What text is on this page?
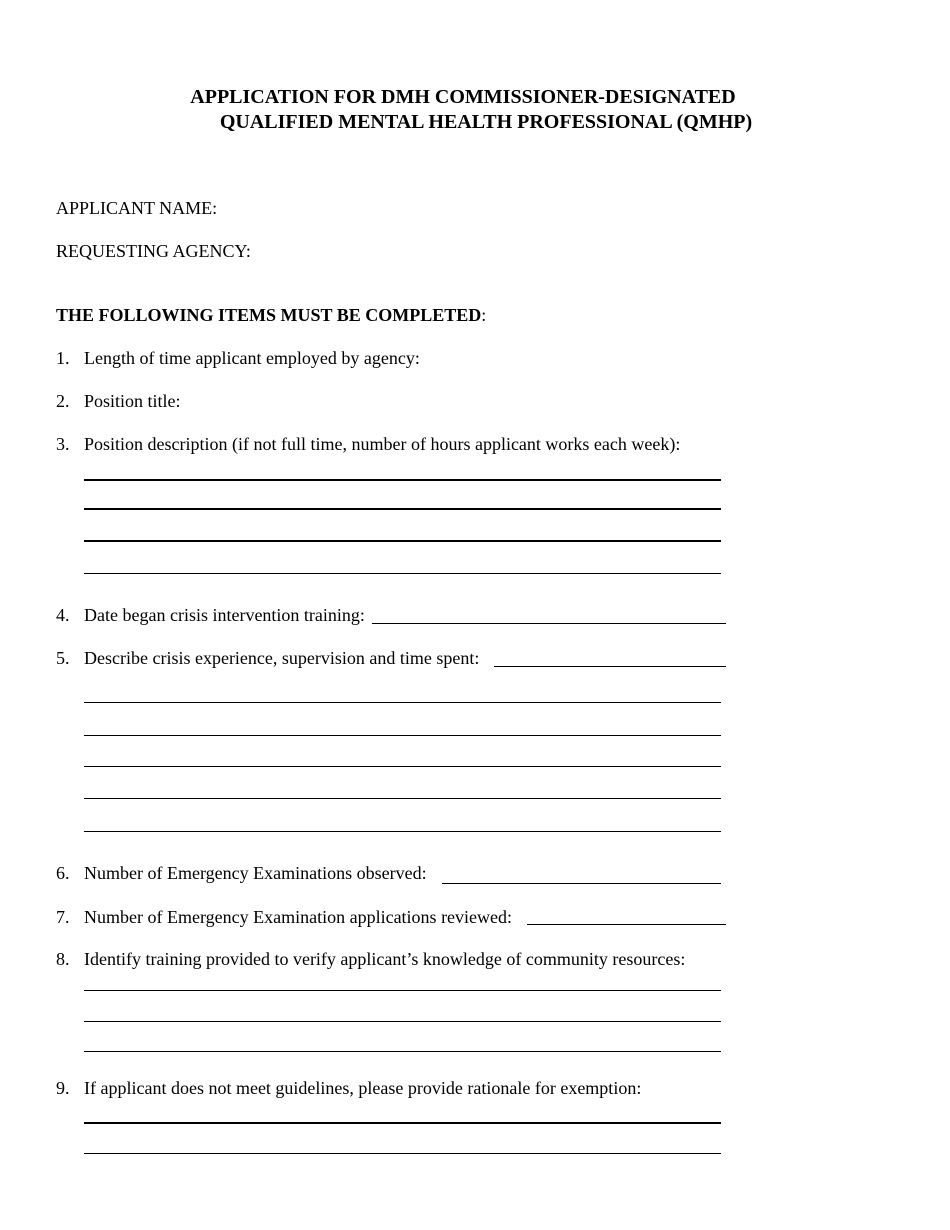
APPLICATION FOR DMH COMMISSIONER-DESIGNATED
QUALIFIED MENTAL HEALTH PROFESSIONAL (QMHP)
APPLICANT NAME:
REQUESTING AGENCY:
THE FOLLOWING ITEMS MUST BE COMPLETED:
1. Length of time applicant employed by agency:
2. Position title:
3. Position description (if not full time, number of hours applicant works each week):
4. Date began crisis intervention training:
5. Describe crisis experience, supervision and time spent:
6. Number of Emergency Examinations observed:
7. Number of Emergency Examination applications reviewed:
8. Identify training provided to verify applicant’s knowledge of community resources:
9. If applicant does not meet guidelines, please provide rationale for exemption:
